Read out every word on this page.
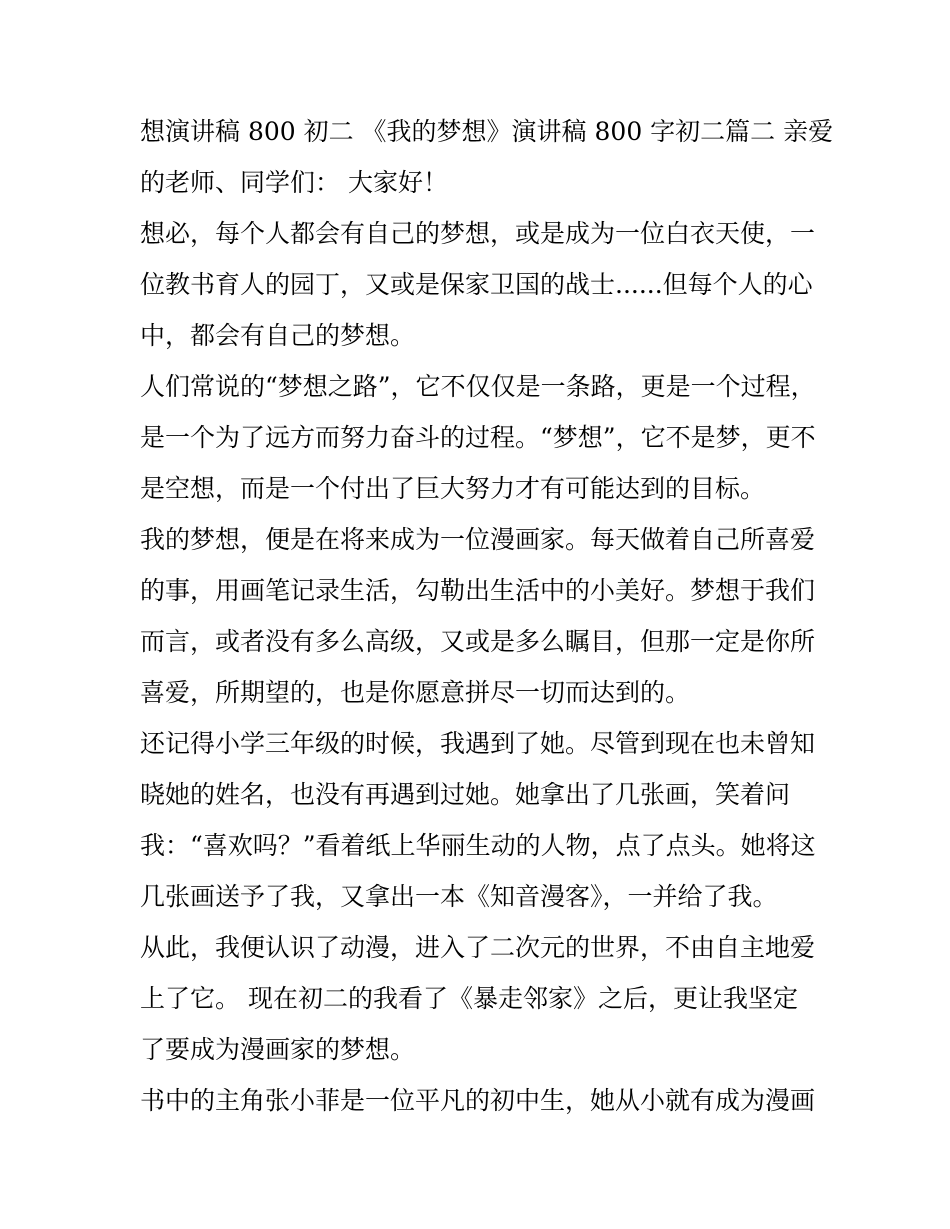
想演讲稿 800 初二 《我的梦想》演讲稿 800 字初二篇二 亲爱
的老师、同学们： 大家好！
想必，每个人都会有自己的梦想，或是成为一位白衣天使，一
位教书育人的园丁，又或是保家卫国的战士......但每个人的心
中，都会有自己的梦想。
人们常说的“梦想之路”，它不仅仅是一条路，更是一个过程，
是一个为了远方而努力奋斗的过程。“梦想”，它不是梦，更不
是空想，而是一个付出了巨大努力才有可能达到的目标。
我的梦想，便是在将来成为一位漫画家。每天做着自己所喜爱
的事，用画笔记录生活，勾勒出生活中的小美好。梦想于我们
而言，或者没有多么高级，又或是多么瞩目，但那一定是你所
喜爱，所期望的，也是你愿意拼尽一切而达到的。
还记得小学三年级的时候，我遇到了她。尽管到现在也未曾知
晓她的姓名，也没有再遇到过她。她拿出了几张画，笑着问
我：“喜欢吗？”看着纸上华丽生动的人物，点了点头。她将这
几张画送予了我，又拿出一本《知音漫客》，一并给了我。
从此，我便认识了动漫，进入了二次元的世界，不由自主地爱
上了它。 现在初二的我看了《暴走邻家》之后，更让我坚定
了要成为漫画家的梦想。
书中的主角张小菲是一位平凡的初中生，她从小就有成为漫画
